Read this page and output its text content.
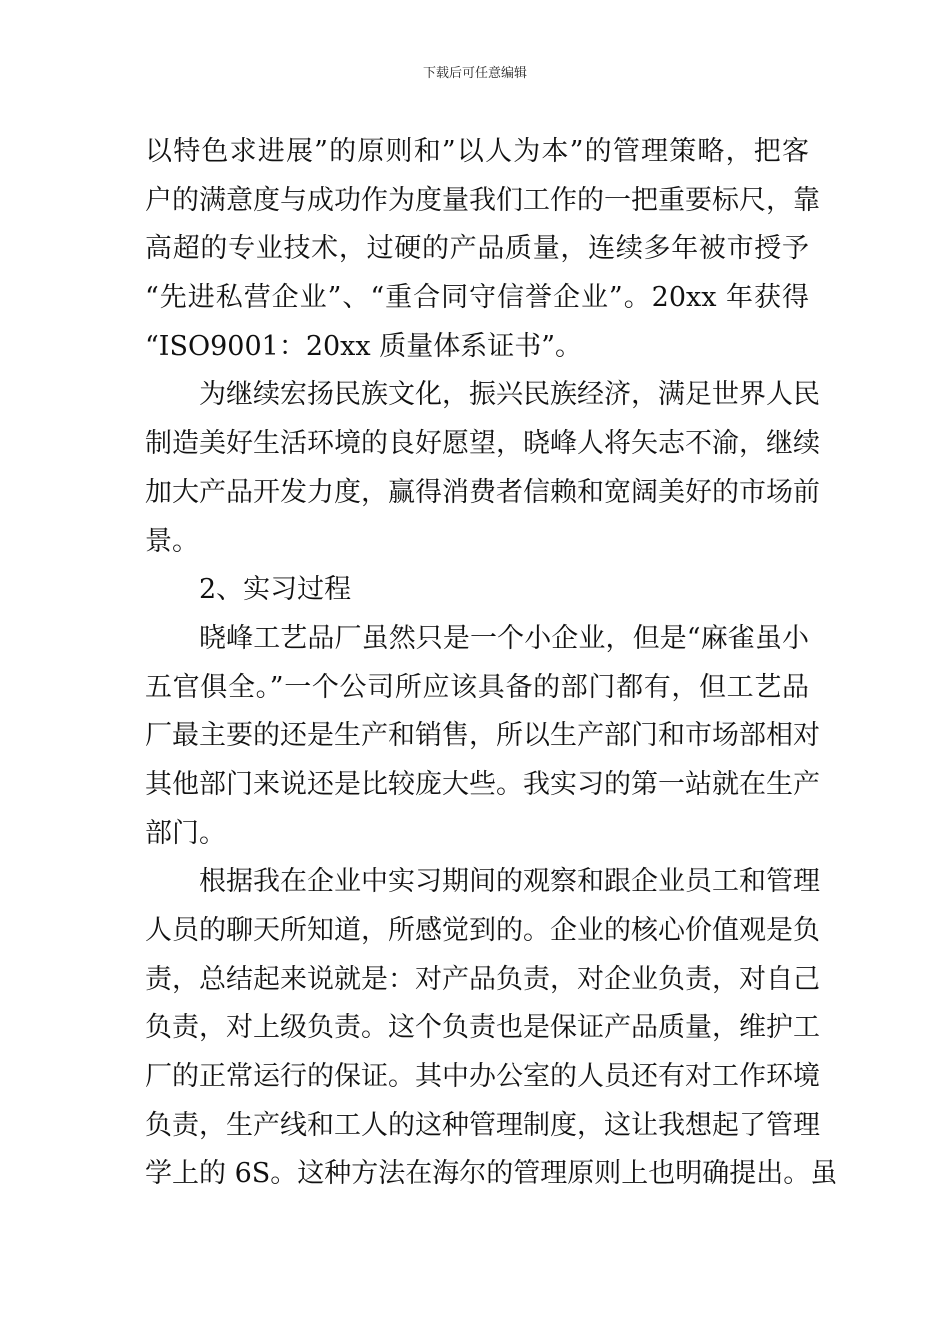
下载后可任意编辑
以特色求进展”的原则和”以人为本”的管理策略，把客
户的满意度与成功作为度量我们工作的一把重要标尺，靠
高超的专业技术，过硬的产品质量，连续多年被市授予
“先进私营企业”、“重合同守信誉企业”。20xx 年获得
“ISO9001：20xx 质量体系证书”。
为继续宏扬民族文化，振兴民族经济，满足世界人民
制造美好生活环境的良好愿望，晓峰人将矢志不渝，继续
加大产品开发力度，赢得消费者信赖和宽阔美好的市场前
景。
2、实习过程
晓峰工艺品厂虽然只是一个小企业，但是“麻雀虽小
五官俱全。”一个公司所应该具备的部门都有，但工艺品
厂最主要的还是生产和销售，所以生产部门和市场部相对
其他部门来说还是比较庞大些。我实习的第一站就在生产
部门。
根据我在企业中实习期间的观察和跟企业员工和管理
人员的聊天所知道，所感觉到的。企业的核心价值观是负
责，总结起来说就是：对产品负责，对企业负责，对自己
负责，对上级负责。这个负责也是保证产品质量，维护工
厂的正常运行的保证。其中办公室的人员还有对工作环境
负责，生产线和工人的这种管理制度，这让我想起了管理
学上的 6S。这种方法在海尔的管理原则上也明确提出。虽
